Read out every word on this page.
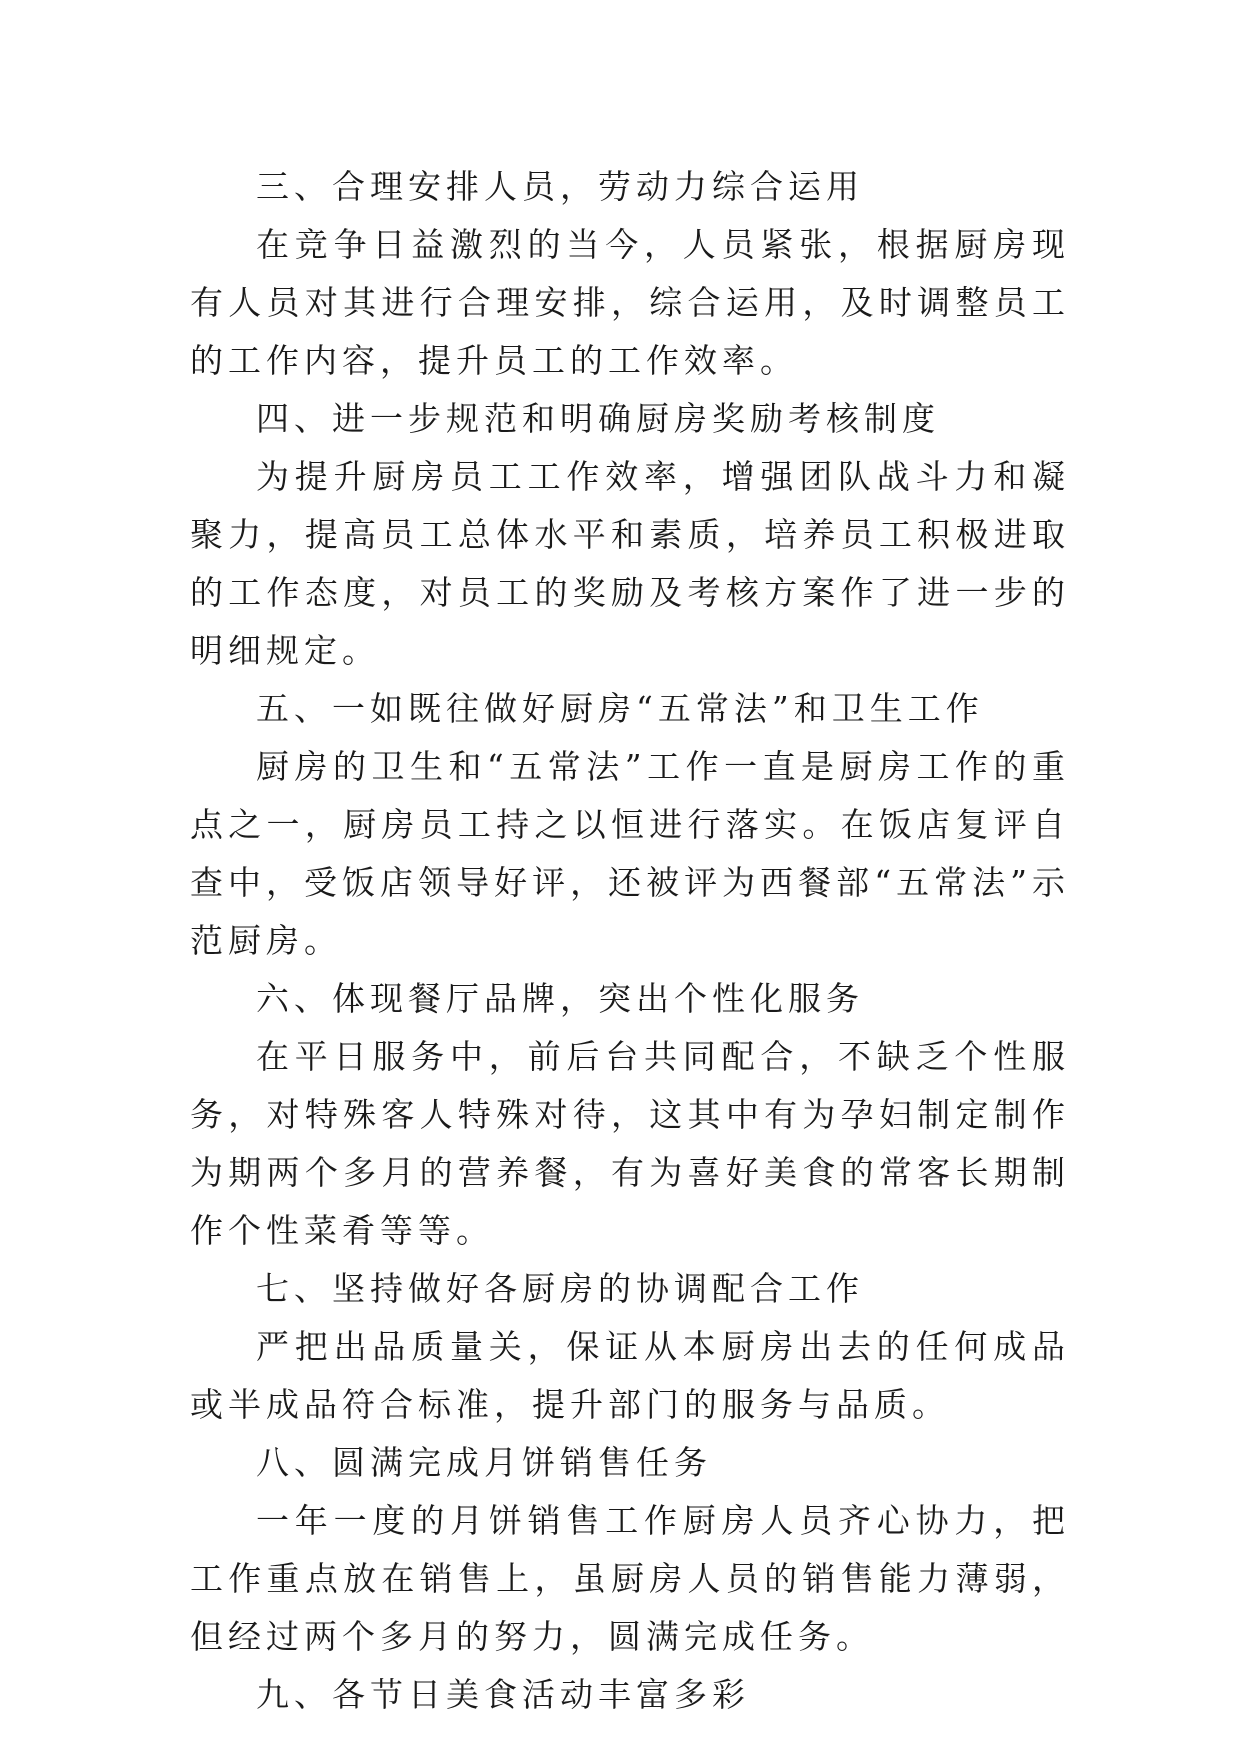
三、合理安排人员，劳动力综合运用

在竞争日益激烈的当今，人员紧张，根据厨房现有人员对其进行合理安排，综合运用，及时调整员工的工作内容，提升员工的工作效率。

四、进一步规范和明确厨房奖励考核制度

为提升厨房员工工作效率，增强团队战斗力和凝聚力，提高员工总体水平和素质，培养员工积极进取的工作态度，对员工的奖励及考核方案作了进一步的明细规定。

五、一如既往做好厨房“五常法”和卫生工作

厨房的卫生和“五常法”工作一直是厨房工作的重点之一，厨房员工持之以恒进行落实。在饭店复评自查中，受饭店领导好评，还被评为西餐部“五常法”示范厨房。

六、体现餐厅品牌，突出个性化服务

在平日服务中，前后台共同配合，不缺乏个性服务，对特殊客人特殊对待，这其中有为孕妇制定制作为期两个多月的营养餐，有为喜好美食的常客长期制作个性菜肴等等。

七、坚持做好各厨房的协调配合工作

严把出品质量关，保证从本厨房出去的任何成品或半成品符合标准，提升部门的服务与品质。

八、圆满完成月饼销售任务

一年一度的月饼销售工作厨房人员齐心协力，把工作重点放在销售上，虽厨房人员的销售能力薄弱，但经过两个多月的努力，圆满完成任务。

九、各节日美食活动丰富多彩
